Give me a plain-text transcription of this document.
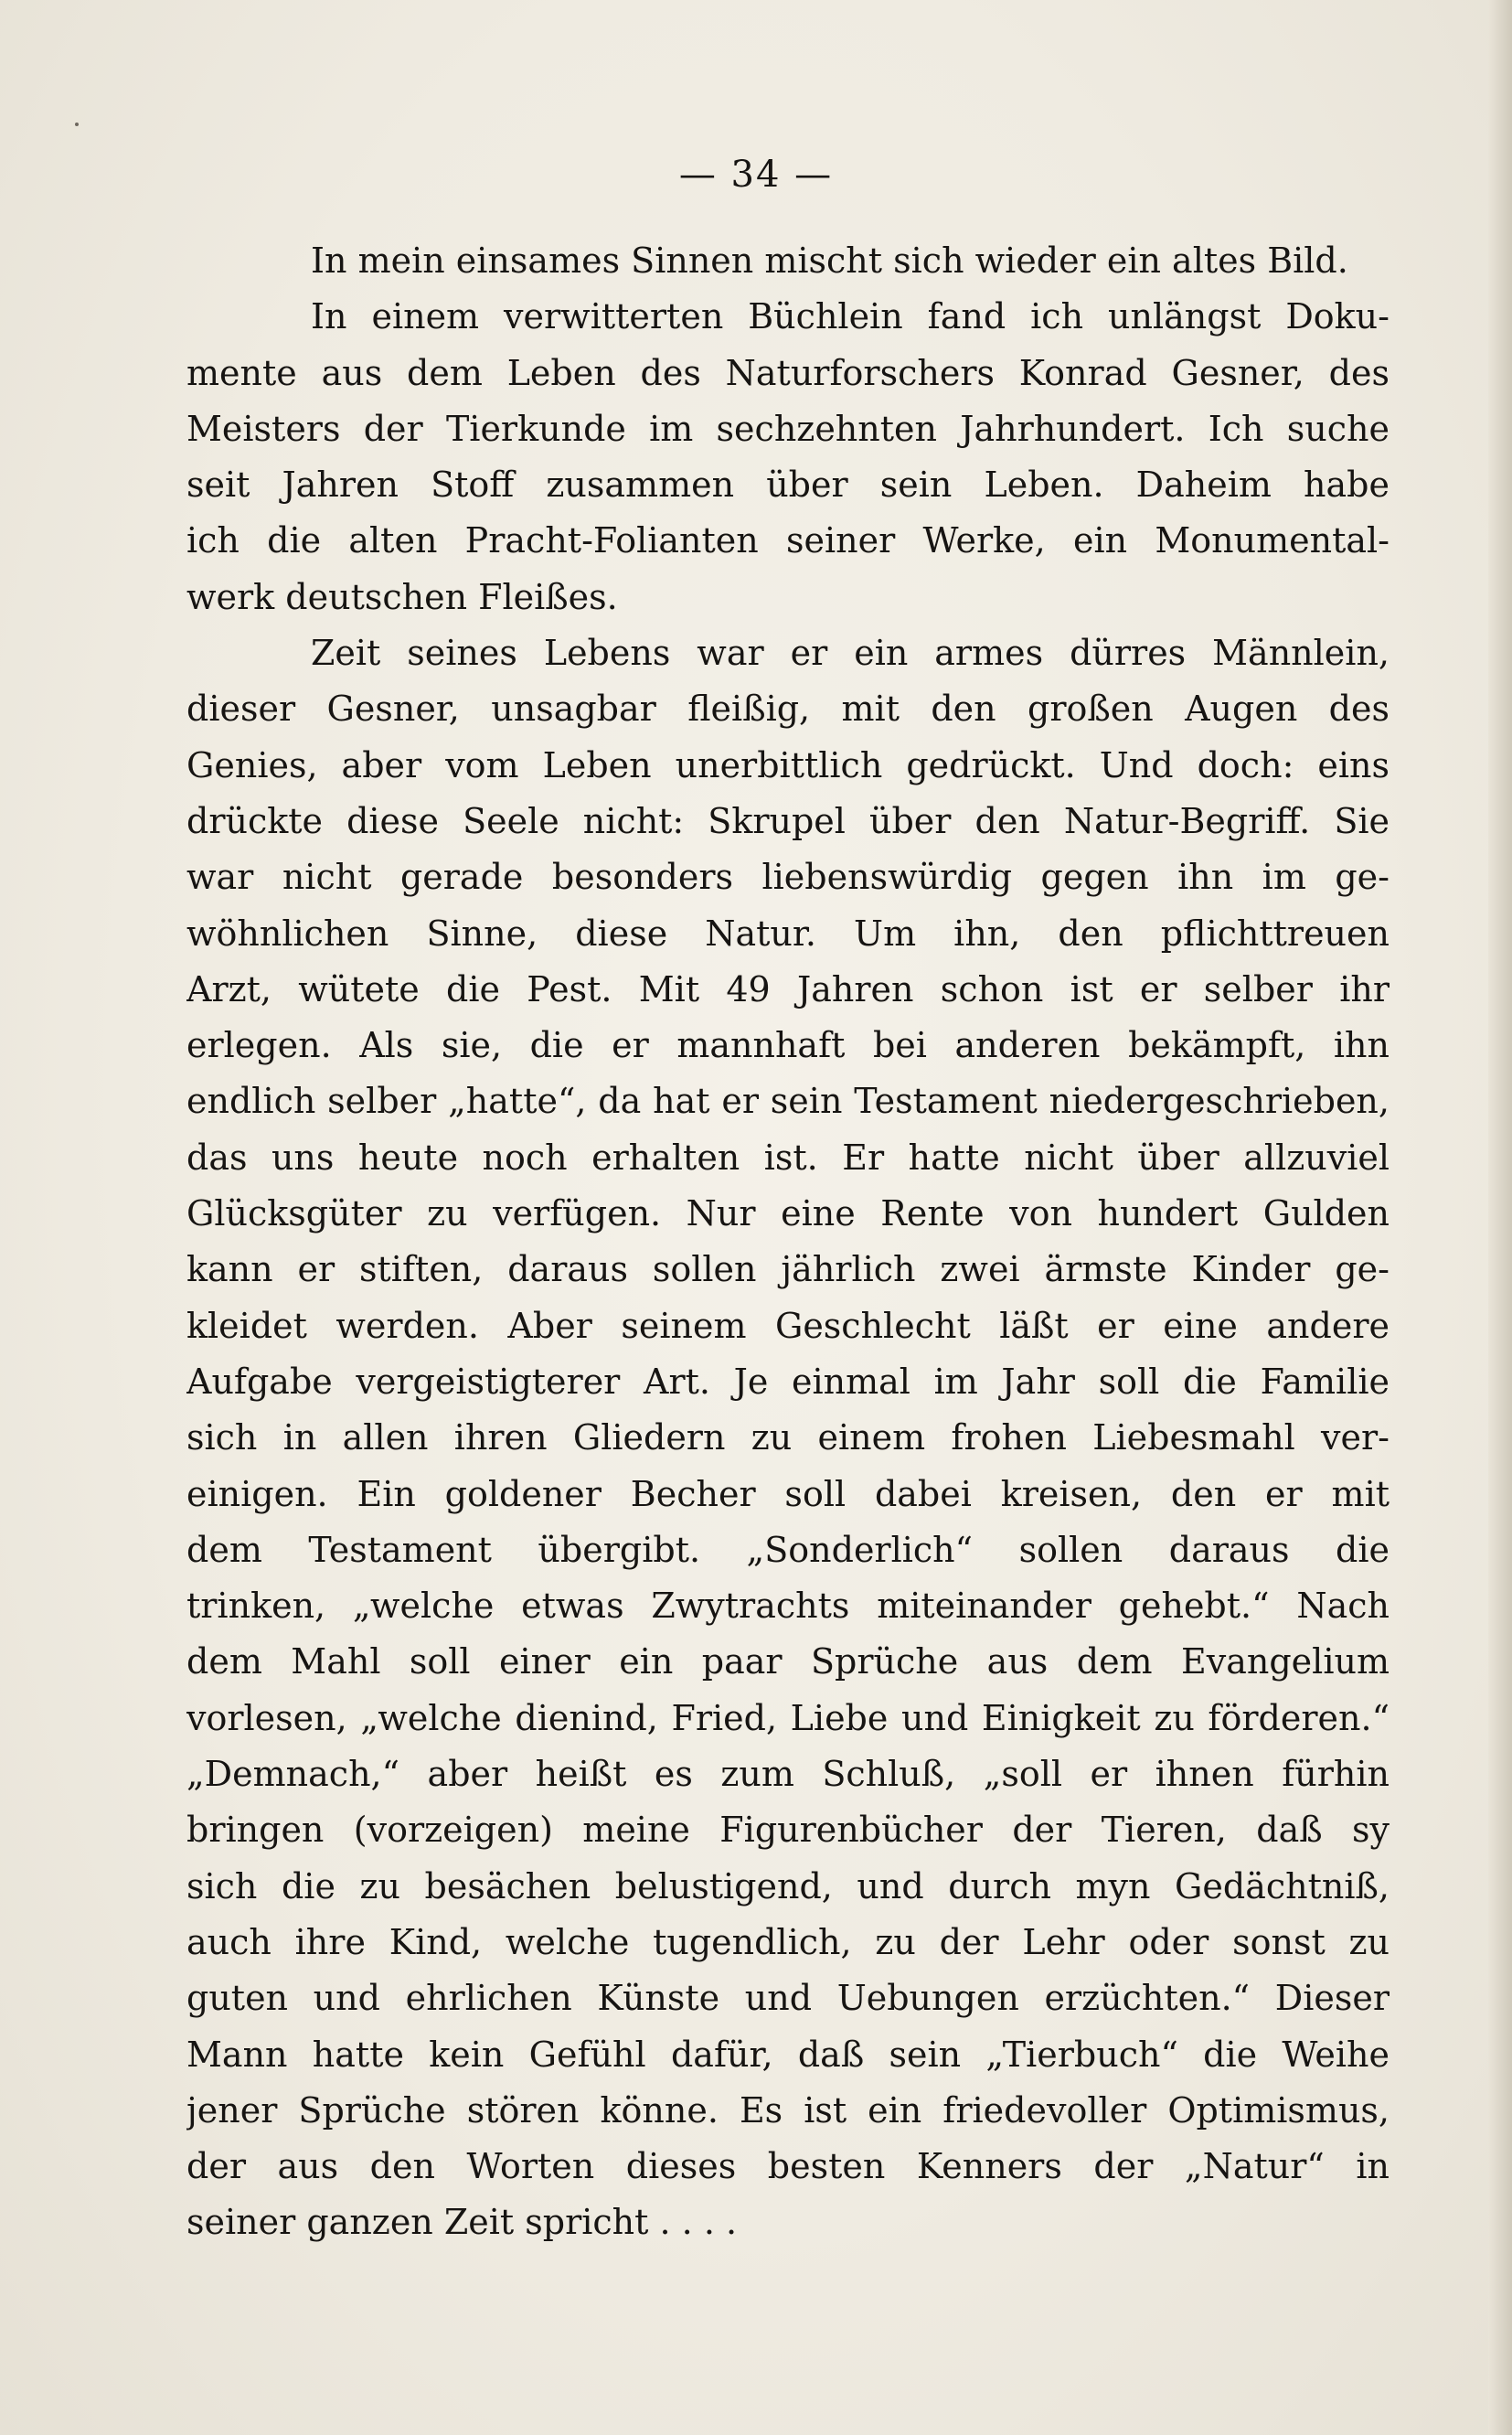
— 34 —
In mein einsames Sinnen mischt sich wieder ein altes Bild.
In einem verwitterten Büchlein fand ich unlängst Doku-
mente aus dem Leben des Naturforschers Konrad Gesner, des
Meisters der Tierkunde im sechzehnten Jahrhundert. Ich suche
seit Jahren Stoff zusammen über sein Leben. Daheim habe
ich die alten Pracht-Folianten seiner Werke, ein Monumental-
werk deutschen Fleißes.
Zeit seines Lebens war er ein armes dürres Männlein,
dieser Gesner, unsagbar fleißig, mit den großen Augen des
Genies, aber vom Leben unerbittlich gedrückt. Und doch: eins
drückte diese Seele nicht: Skrupel über den Natur-Begriff. Sie
war nicht gerade besonders liebenswürdig gegen ihn im ge-
wöhnlichen Sinne, diese Natur. Um ihn, den pflichttreuen
Arzt, wütete die Pest. Mit 49 Jahren schon ist er selber ihr
erlegen. Als sie, die er mannhaft bei anderen bekämpft, ihn
endlich selber „hatte“, da hat er sein Testament niedergeschrieben,
das uns heute noch erhalten ist. Er hatte nicht über allzuviel
Glücksgüter zu verfügen. Nur eine Rente von hundert Gulden
kann er stiften, daraus sollen jährlich zwei ärmste Kinder ge-
kleidet werden. Aber seinem Geschlecht läßt er eine andere
Aufgabe vergeistigterer Art. Je einmal im Jahr soll die Familie
sich in allen ihren Gliedern zu einem frohen Liebesmahl ver-
einigen. Ein goldener Becher soll dabei kreisen, den er mit
dem Testament übergibt. „Sonderlich“ sollen daraus die
trinken, „welche etwas Zwytrachts miteinander gehebt.“ Nach
dem Mahl soll einer ein paar Sprüche aus dem Evangelium
vorlesen, „welche dienind, Fried, Liebe und Einigkeit zu förderen.“
„Demnach,“ aber heißt es zum Schluß, „soll er ihnen fürhin
bringen (vorzeigen) meine Figurenbücher der Tieren, daß sy
sich die zu besächen belustigend, und durch myn Gedächtniß,
auch ihre Kind, welche tugendlich, zu der Lehr oder sonst zu
guten und ehrlichen Künste und Uebungen erzüchten.“ Dieser
Mann hatte kein Gefühl dafür, daß sein „Tierbuch“ die Weihe
jener Sprüche stören könne. Es ist ein friedevoller Optimismus,
der aus den Worten dieses besten Kenners der „Natur“ in
seiner ganzen Zeit spricht . . . .
